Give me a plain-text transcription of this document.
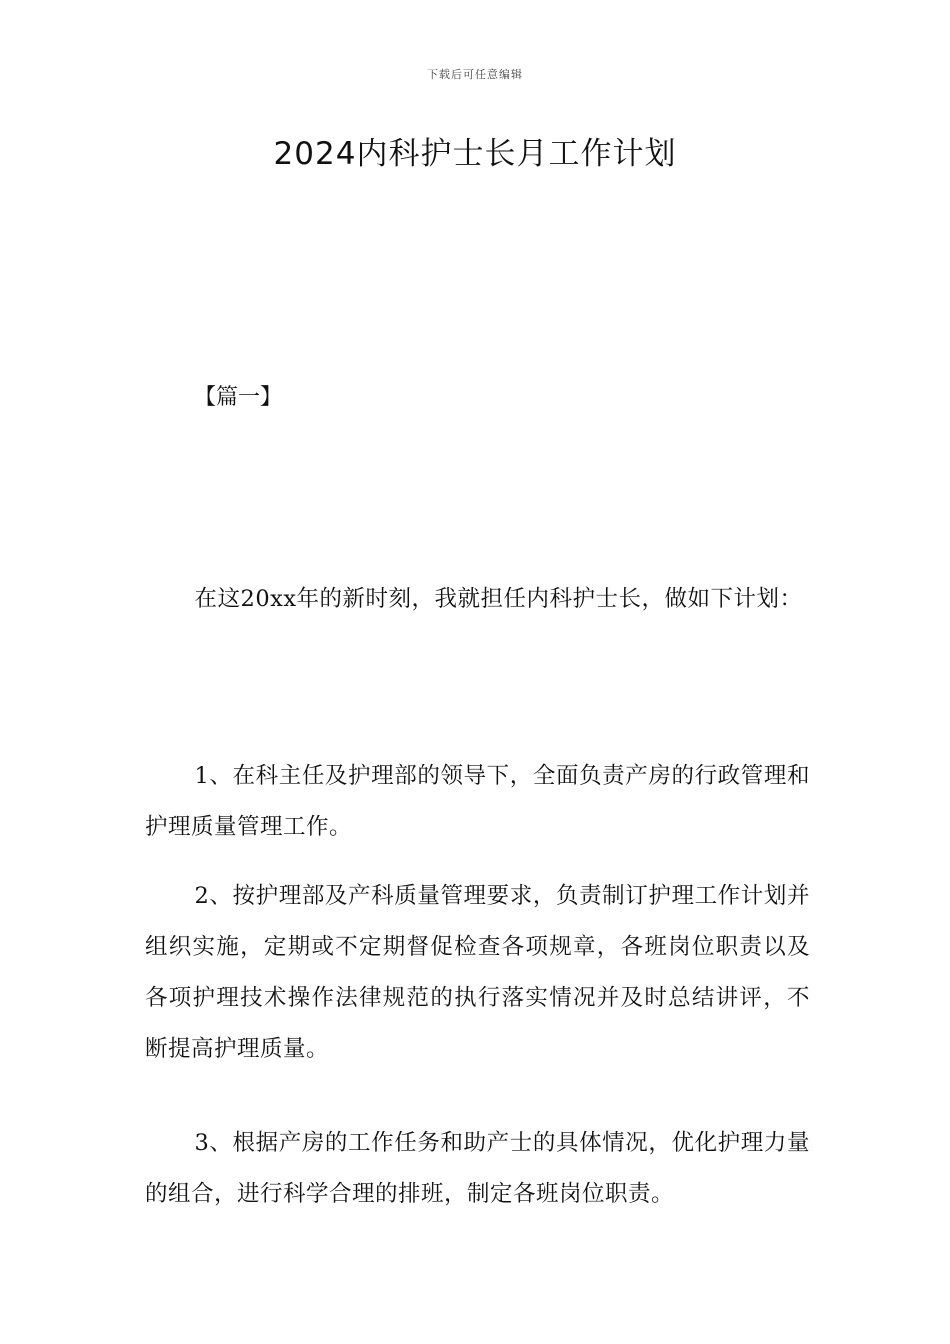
下载后可任意编辑
2024内科护士长月工作计划

【篇一】

在这20xx年的新时刻，我就担任内科护士长，做如下计划：

1、在科主任及护理部的领导下，全面负责产房的行政管理和护理质量管理工作。

2、按护理部及产科质量管理要求，负责制订护理工作计划并组织实施，定期或不定期督促检查各项规章，各班岗位职责以及各项护理技术操作法律规范的执行落实情况并及时总结讲评，不断提高护理质量。

3、根据产房的工作任务和助产士的具体情况，优化护理力量的组合，进行科学合理的排班，制定各班岗位职责。
